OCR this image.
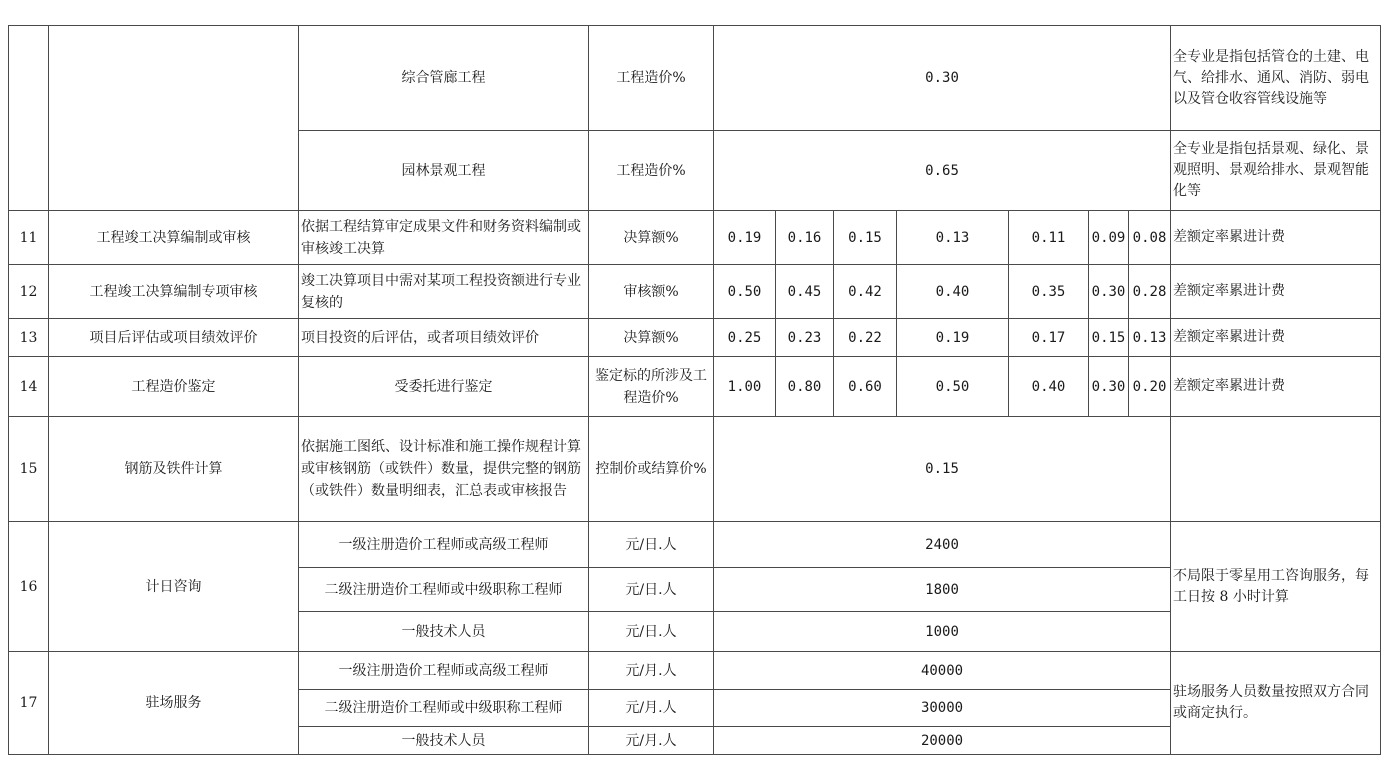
		综合管廊工程	工程造价%	0.30							全专业是指包括管仓的土建、电气、给排水、通风、消防、弱电以及管仓收容管线设施等
		园林景观工程	工程造价%	0.65							全专业是指包括景观、绿化、景观照明、景观给排水、景观智能化等
11	工程竣工决算编制或审核	依据工程结算审定成果文件和财务资料编制或审核竣工决算	决算额%	0.19	0.16	0.15	0.13	0.11	0.09	0.08	差额定率累进计费
12	工程竣工决算编制专项审核	竣工决算项目中需对某项工程投资额进行专业复核的	审核额%	0.50	0.45	0.42	0.40	0.35	0.30	0.28	差额定率累进计费
13	项目后评估或项目绩效评价	项目投资的后评估，或者项目绩效评价	决算额%	0.25	0.23	0.22	0.19	0.17	0.15	0.13	差额定率累进计费
14	工程造价鉴定	受委托进行鉴定	鉴定标的所涉及工程造价%	1.00	0.80	0.60	0.50	0.40	0.30	0.20	差额定率累进计费
15	钢筋及铁件计算	依据施工图纸、设计标准和施工操作规程计算或审核钢筋（或铁件）数量，提供完整的钢筋（或铁件）数量明细表，汇总表或审核报告	控制价或结算价%	0.15							
16	计日咨询	一级注册造价工程师或高级工程师	元/日.人	2400							不局限于零星用工咨询服务，每工日按 8 小时计算
		二级注册造价工程师或中级职称工程师	元/日.人	1800							
		一般技术人员	元/日.人	1000							
17	驻场服务	一级注册造价工程师或高级工程师	元/月.人	40000							驻场服务人员数量按照双方合同或商定执行。
		二级注册造价工程师或中级职称工程师	元/月.人	30000							
		一般技术人员	元/月.人	20000							
